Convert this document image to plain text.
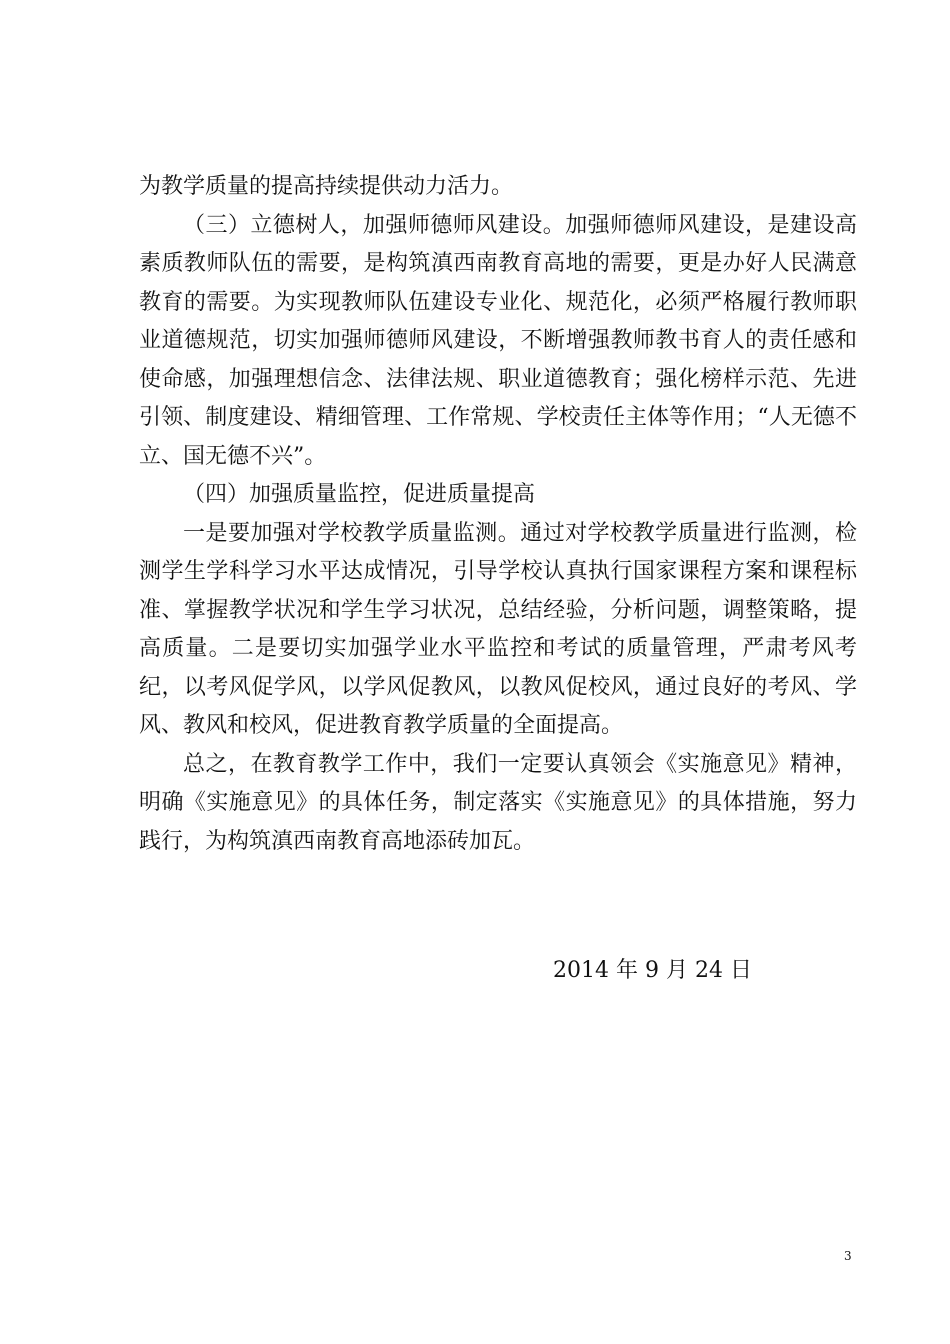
为教学质量的提高持续提供动力活力。

（三）立德树人，加强师德师风建设。加强师德师风建设，是建设高素质教师队伍的需要，是构筑滇西南教育高地的需要，更是办好人民满意教育的需要。为实现教师队伍建设专业化、规范化，必须严格履行教师职业道德规范，切实加强师德师风建设，不断增强教师教书育人的责任感和使命感，加强理想信念、法律法规、职业道德教育；强化榜样示范、先进引领、制度建设、精细管理、工作常规、学校责任主体等作用；“人无德不立、国无德不兴”。

（四）加强质量监控，促进质量提高

一是要加强对学校教学质量监测。通过对学校教学质量进行监测，检测学生学科学习水平达成情况，引导学校认真执行国家课程方案和课程标准、掌握教学状况和学生学习状况，总结经验，分析问题，调整策略，提高质量。二是要切实加强学业水平监控和考试的质量管理，严肃考风考纪，以考风促学风，以学风促教风，以教风促校风，通过良好的考风、学风、教风和校风，促进教育教学质量的全面提高。

总之，在教育教学工作中，我们一定要认真领会《实施意见》精神，明确《实施意见》的具体任务，制定落实《实施意见》的具体措施，努力践行，为构筑滇西南教育高地添砖加瓦。

2014 年 9 月 24 日
3
